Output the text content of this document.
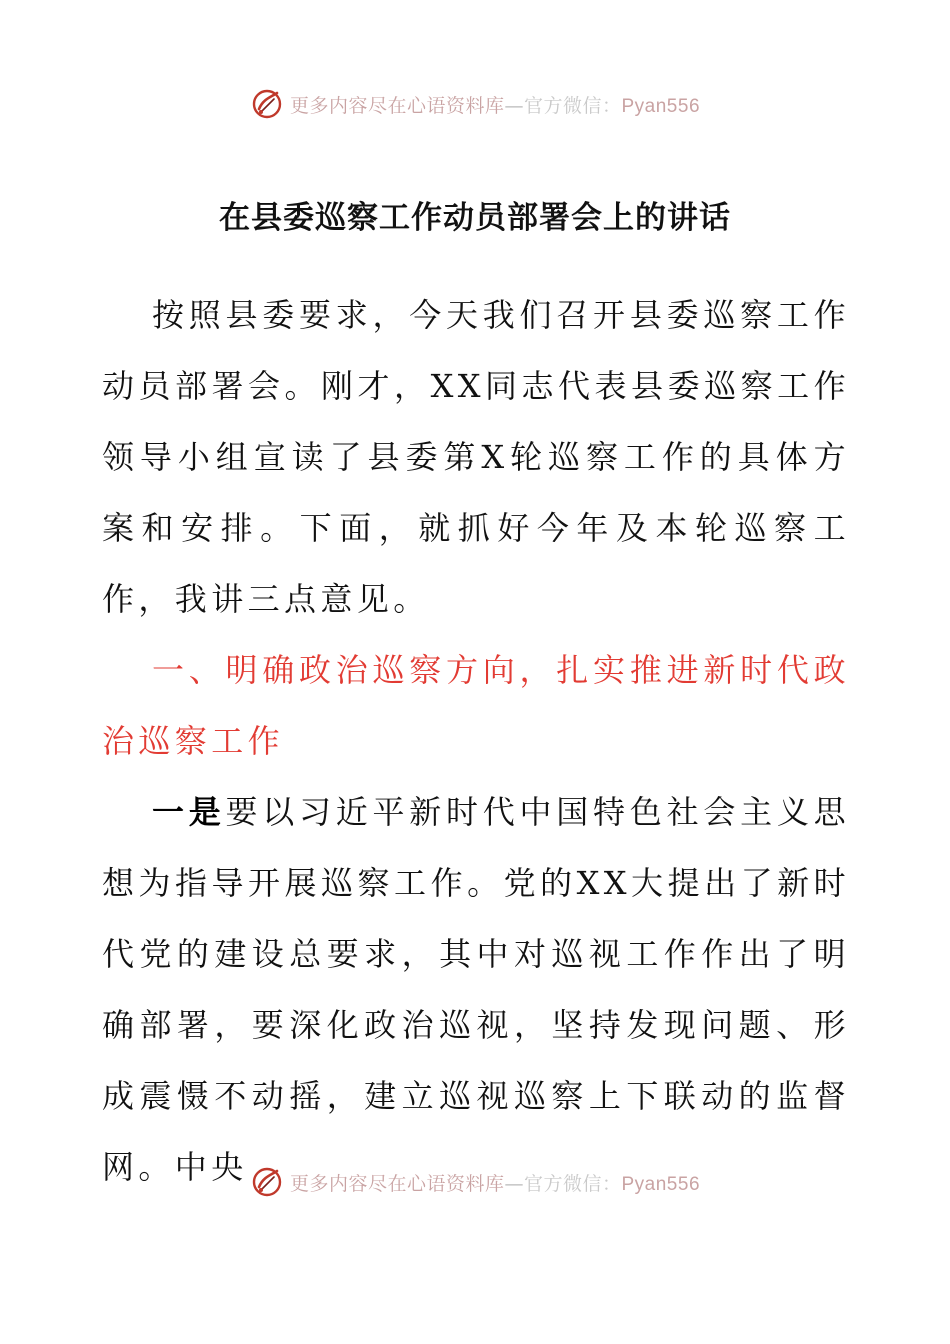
更多内容尽在心语资料库—官方微信：Pyan556
在县委巡察工作动员部署会上的讲话

按照县委要求，今天我们召开县委巡察工作动员部署会。刚才，XX同志代表县委巡察工作领导小组宣读了县委第X轮巡察工作的具体方案和安排。下面，就抓好今年及本轮巡察工作，我讲三点意见。

一、明确政治巡察方向，扎实推进新时代政治巡察工作

一是要以习近平新时代中国特色社会主义思想为指导开展巡察工作。党的XX大提出了新时代党的建设总要求，其中对巡视工作作出了明确部署，要深化政治巡视，坚持发现问题、形成震慑不动摇，建立巡视巡察上下联动的监督网。中央	更多内容尽在心语资料库—官方微信：Pyan556
